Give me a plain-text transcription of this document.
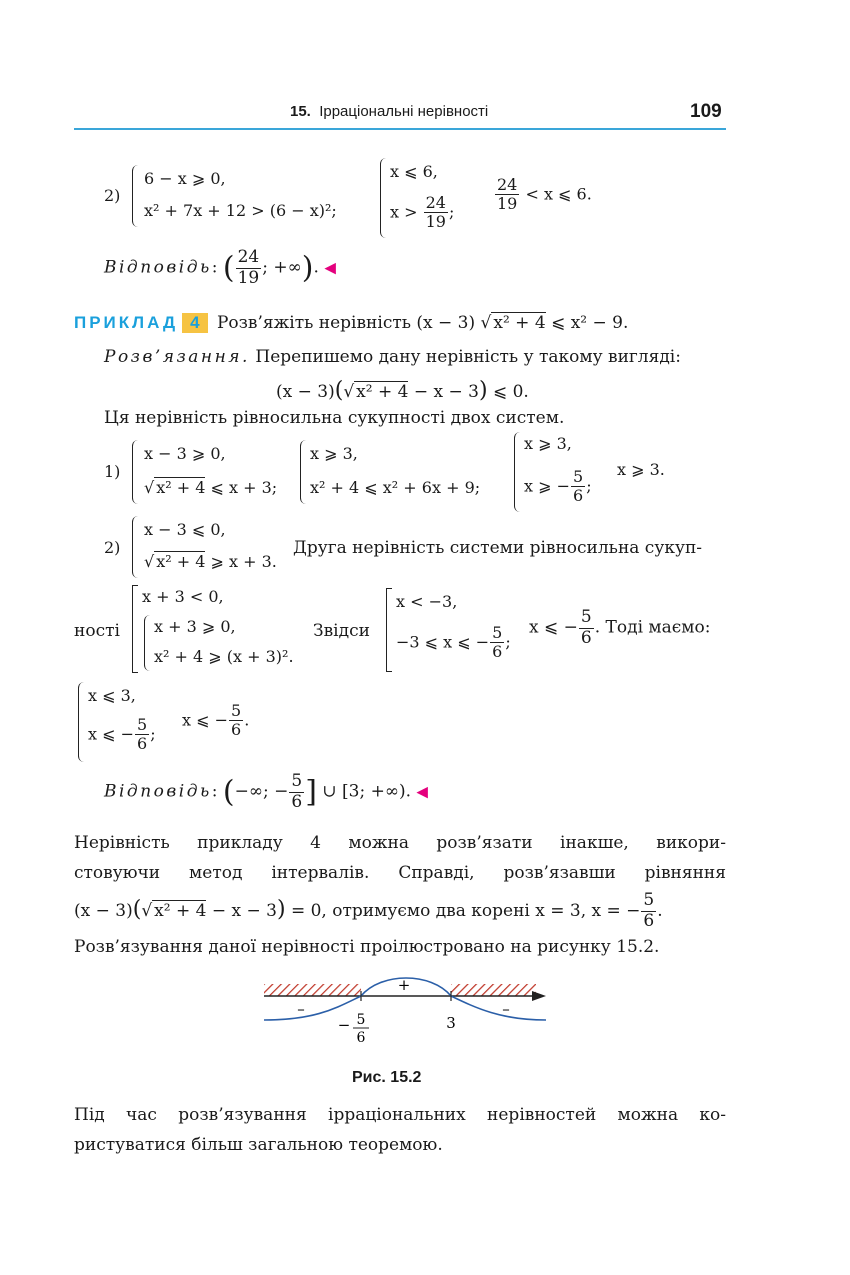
15. Ірраціональні нерівності	109
2)
6 − x ⩾ 0,
x² + 7x + 12 > (6 − x)²;
x ⩽ 6,
$x > \frac{24}{19}$ ;	$\frac{24}{19} < x$ ⩽ 6.
Відповідь: ( $\frac{24}{19}$ ; +∞). ◀
ПРИКЛАД 4 Розв’яжіть нерівність (x − 3) √ x² + 4 ⩽ x² − 9.
Розв’язання. Перепишемо дану нерівність у такому вигляді:
(x − 3)(√ x² + 4 − x − 3) ⩽ 0.
Ця нерівність рівносильна сукупності двох систем.
1)
x − 3 ⩾ 0,
√ x² + 4 ⩽ x + 3;
x ⩾ 3,
x² + 4 ⩽ x² + 6x + 9;
x ⩾ 3,
x ⩾ − $\frac{5}{6}$ ;
x ⩾ 3.
2)
x − 3 ⩽ 0,
√ x² + 4 ⩾ x + 3.
Друга нерівність системи рівносильна сукуп-
ності
x + 3 < 0,
x + 3 ⩾ 0,
x² + 4 ⩾ (x + 3)².
Звідси
x < −3,
−3 ⩽ x ⩽ − $\frac{5}{6}$ ;
x ⩽ − $\frac{5}{6}$ . Тоді маємо:
x ⩽ 3,
x ⩽ − $\frac{5}{6}$ ;
x ⩽ − $\frac{5}{6}$ .
Відповідь: (−∞; − $\frac{5}{6}$ ] ∪ [3; +∞). ◀
Нерівність прикладу 4 можна розв’язати інакше, викори-
стовуючи метод інтервалів. Справді, розв’язавши рівняння
(x − 3)(√ x² + 4 − x − 3) = 0, отримуємо два корені x = 3, x = − $\frac{5}{6}$ .
Розв’язування даної нерівності проілюстровано на рисунку 15.2.
+
–	–
− 5
6
3
Рис. 15.2
Під час розв’язування ірраціональних нерівностей можна ко-
ристуватися більш загальною теоремою.
